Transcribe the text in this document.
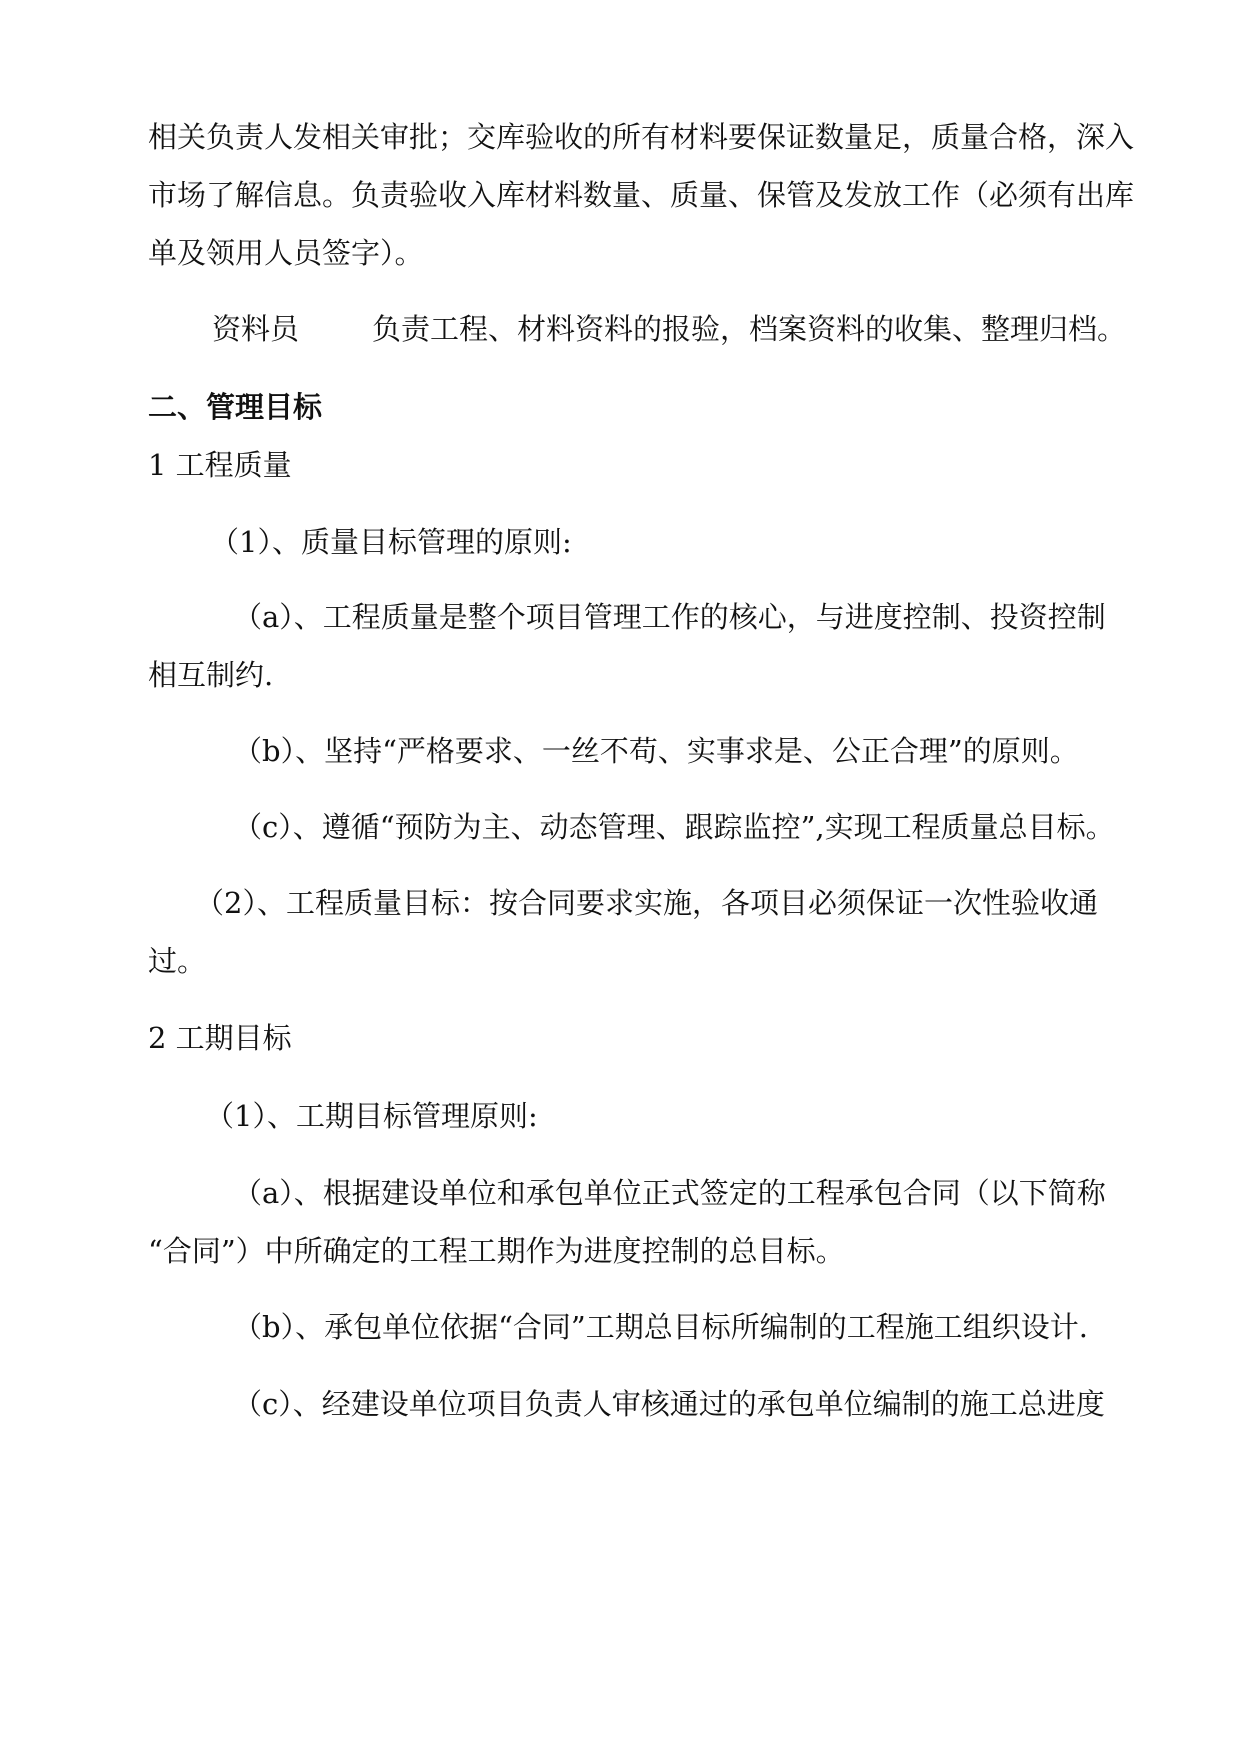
相关负责人发相关审批；交库验收的所有材料要保证数量足，质量合格，深入
市场了解信息。负责验收入库材料数量、质量、保管及发放工作（必须有出库
单及领用人员签字）。
资料员	负责工程、材料资料的报验，档案资料的收集、整理归档。
二、管理目标
1 工程质量
（1）、质量目标管理的原则:
（a）、工程质量是整个项目管理工作的核心，与进度控制、投资控制
相互制约.
（b）、坚持“严格要求、一丝不苟、实事求是、公正合理”的原则。
（c）、遵循“预防为主、动态管理、跟踪监控”,实现工程质量总目标。
（2）、工程质量目标：按合同要求实施，各项目必须保证一次性验收通
过。
2 工期目标
（1）、工期目标管理原则:
（a）、根据建设单位和承包单位正式签定的工程承包合同（以下简称
“合同”）中所确定的工程工期作为进度控制的总目标。
（b）、承包单位依据“合同”工期总目标所编制的工程施工组织设计.
（c）、经建设单位项目负责人审核通过的承包单位编制的施工总进度
